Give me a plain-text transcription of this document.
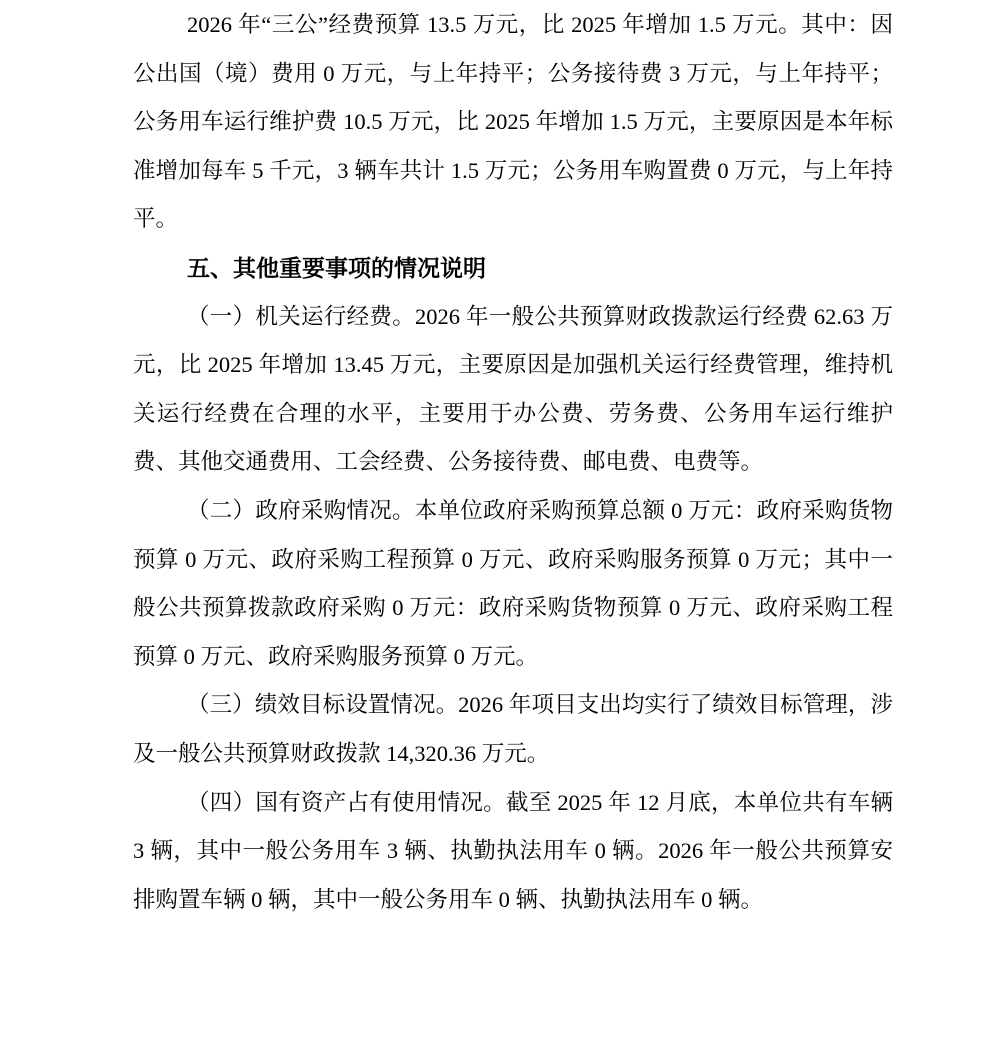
2026 年“三公”经费预算 13.5 万元，比 2025 年增加 1.5 万元。其中：因公出国（境）费用 0 万元，与上年持平；公务接待费 3 万元，与上年持平；公务用车运行维护费 10.5 万元，比 2025 年增加 1.5 万元，主要原因是本年标准增加每车 5 千元，3 辆车共计 1.5 万元；公务用车购置费 0 万元，与上年持平。

五、其他重要事项的情况说明

（一）机关运行经费。2026 年一般公共预算财政拨款运行经费 62.63 万元，比 2025 年增加 13.45 万元，主要原因是加强机关运行经费管理，维持机关运行经费在合理的水平，主要用于办公费、劳务费、公务用车运行维护费、其他交通费用、工会经费、公务接待费、邮电费、电费等。

（二）政府采购情况。本单位政府采购预算总额 0 万元：政府采购货物预算 0 万元、政府采购工程预算 0 万元、政府采购服务预算 0 万元；其中一般公共预算拨款政府采购 0 万元：政府采购货物预算 0 万元、政府采购工程预算 0 万元、政府采购服务预算 0 万元。

（三）绩效目标设置情况。2026 年项目支出均实行了绩效目标管理，涉及一般公共预算财政拨款 14,320.36 万元。

（四）国有资产占有使用情况。截至 2025 年 12 月底，本单位共有车辆 3 辆，其中一般公务用车 3 辆、执勤执法用车 0 辆。2026 年一般公共预算安排购置车辆 0 辆，其中一般公务用车 0 辆、执勤执法用车 0 辆。
